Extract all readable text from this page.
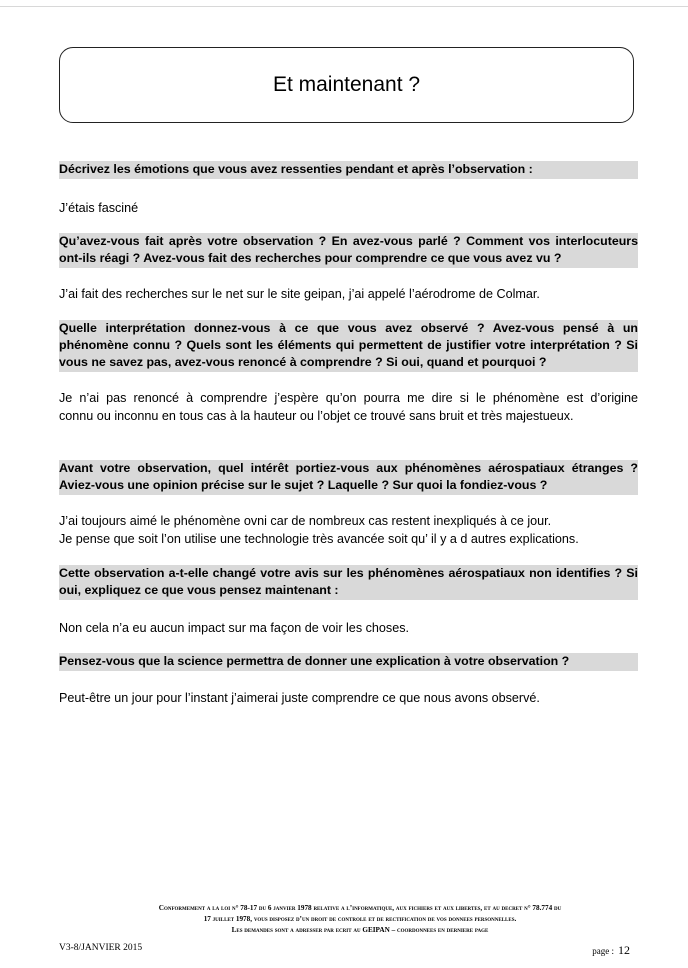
Et maintenant ?
Décrivez les émotions que vous avez ressenties pendant et après l’observation :
J’étais fasciné
Qu’avez-vous fait après votre observation ? En avez-vous parlé ? Comment vos interlocuteurs
ont-ils réagi ? Avez-vous fait des recherches pour comprendre ce que vous avez vu ?
J’ai fait des recherches sur le net sur le site geipan, j’ai appelé l’aérodrome de Colmar.
Quelle interprétation donnez-vous à ce que vous avez observé ? Avez-vous pensé à un
phénomène connu ? Quels sont les éléments qui permettent de justifier votre interprétation ? Si
vous ne savez pas, avez-vous renoncé à comprendre ? Si oui, quand et pourquoi ?
Je n’ai pas renoncé à comprendre j’espère qu’on pourra me dire si le phénomène est d’origine
connu ou inconnu en tous cas à la hauteur ou l’objet ce trouvé sans bruit et très majestueux.
Avant votre observation, quel intérêt portiez-vous aux phénomènes aérospatiaux étranges ?
Aviez-vous une opinion précise sur le sujet ? Laquelle ? Sur quoi la fondiez-vous ?
J’ai toujours aimé le phénomène ovni car de nombreux cas restent inexpliqués à ce jour.
Je pense que soit l’on utilise une technologie très avancée soit qu’ il y a d autres explications.
Cette observation a-t-elle changé votre avis sur les phénomènes aérospatiaux non identifies ? Si
oui, expliquez ce que vous pensez maintenant :
Non cela n’a eu aucun impact sur ma façon de voir les choses.
Pensez-vous que la science permettra de donner une explication à votre observation ?
Peut-être un jour pour l’instant j’aimerai juste comprendre ce que nous avons observé.
Conformement a la loi n° 78-17 du 6 janvier 1978 relative a l’informatique, aux fichiers et aux libertes, et au decret n° 78.774 du
17 juillet 1978, vous disposez d’un droit de controle et de rectification de vos donnees personnelles.
Les demandes sont a adresser par ecrit au GEIPAN – coordonnees en derniere page
V3-8/JANVIER 2015	page : 12
